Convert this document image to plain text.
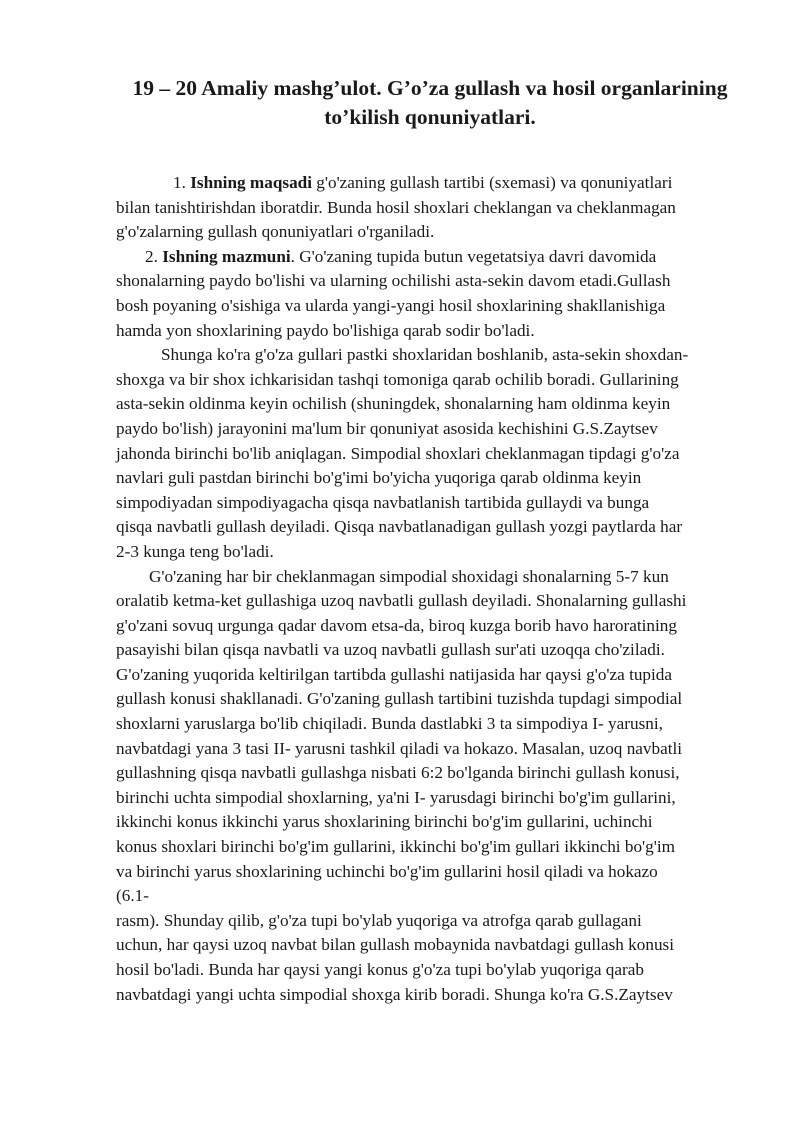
19 – 20 Amaliy mashg’ulot. G’o’za gullash va hosil organlarining
to’kilish qonuniyatlari.

1. Ishning maqsadi g'o'zaning gullash tartibi (sxemasi) va qonuniyatlari
bilan tanishtirishdan iboratdir. Bunda hosil shoxlari cheklangan va cheklanmagan
g'o'zalarning gullash qonuniyatlari o'rganiladi.

2. Ishning mazmuni. G'o'zaning tupida butun vegetatsiya davri davomida
shonalarning paydo bo'lishi va ularning ochilishi asta-sekin davom etadi.Gullash
bosh poyaning o'sishiga va ularda yangi-yangi hosil shoxlarining shakllanishiga
hamda yon shoxlarining paydo bo'lishiga qarab sodir bo'ladi.

Shunga ko'ra g'o'za gullari pastki shoxlaridan boshlanib, asta-sekin shoxdan-
shoxga va bir shox ichkarisidan tashqi tomoniga qarab ochilib boradi. Gullarining
asta-sekin oldinma keyin ochilish (shuningdek, shonalarning ham oldinma keyin
paydo bo'lish) jarayonini ma'lum bir qonuniyat asosida kechishini G.S.Zaytsev
jahonda birinchi bo'lib aniqlagan. Simpodial shoxlari cheklanmagan tipdagi g'o'za
navlari guli pastdan birinchi bo'g'imi bo'yicha yuqoriga qarab oldinma keyin
simpodiyadan simpodiyagacha qisqa navbatlanish tartibida gullaydi va bunga
qisqa navbatli gullash deyiladi. Qisqa navbatlanadigan gullash yozgi paytlarda har
2-3 kunga teng bo'ladi.

G'o'zaning har bir cheklanmagan simpodial shoxidagi shonalarning 5-7 kun
oralatib ketma-ket gullashiga uzoq navbatli gullash deyiladi. Shonalarning gullashi
g'o'zani sovuq urgunga qadar davom etsa-da, biroq kuzga borib havo haroratining
pasayishi bilan qisqa navbatli va uzoq navbatli gullash sur'ati uzoqqa cho'ziladi.
G'o'zaning yuqorida keltirilgan tartibda gullashi natijasida har qaysi g'o'za tupida
gullash konusi shakllanadi. G'o'zaning gullash tartibini tuzishda tupdagi simpodial
shoxlarni yaruslarga bo'lib chiqiladi. Bunda dastlabki 3 ta simpodiya I- yarusni,
navbatdagi yana 3 tasi II- yarusni tashkil qiladi va hokazo. Masalan, uzoq navbatli
gullashning qisqa navbatli gullashga nisbati 6:2 bo'lganda birinchi gullash konusi,
birinchi uchta simpodial shoxlarning, ya'ni I- yarusdagi birinchi bo'g'im gullarini,
ikkinchi konus ikkinchi yarus shoxlarining birinchi bo'g'im gullarini, uchinchi
konus shoxlari birinchi bo'g'im gullarini, ikkinchi bo'g'im gullari ikkinchi bo'g'im
va birinchi yarus shoxlarining uchinchi bo'g'im gullarini hosil qiladi va hokazo
(6.1-
rasm). Shunday qilib, g'o'za tupi bo'ylab yuqoriga va atrofga qarab gullagani
uchun, har qaysi uzoq navbat bilan gullash mobaynida navbatdagi gullash konusi
hosil bo'ladi. Bunda har qaysi yangi konus g'o'za tupi bo'ylab yuqoriga qarab
navbatdagi yangi uchta simpodial shoxga kirib boradi. Shunga ko'ra G.S.Zaytsev
